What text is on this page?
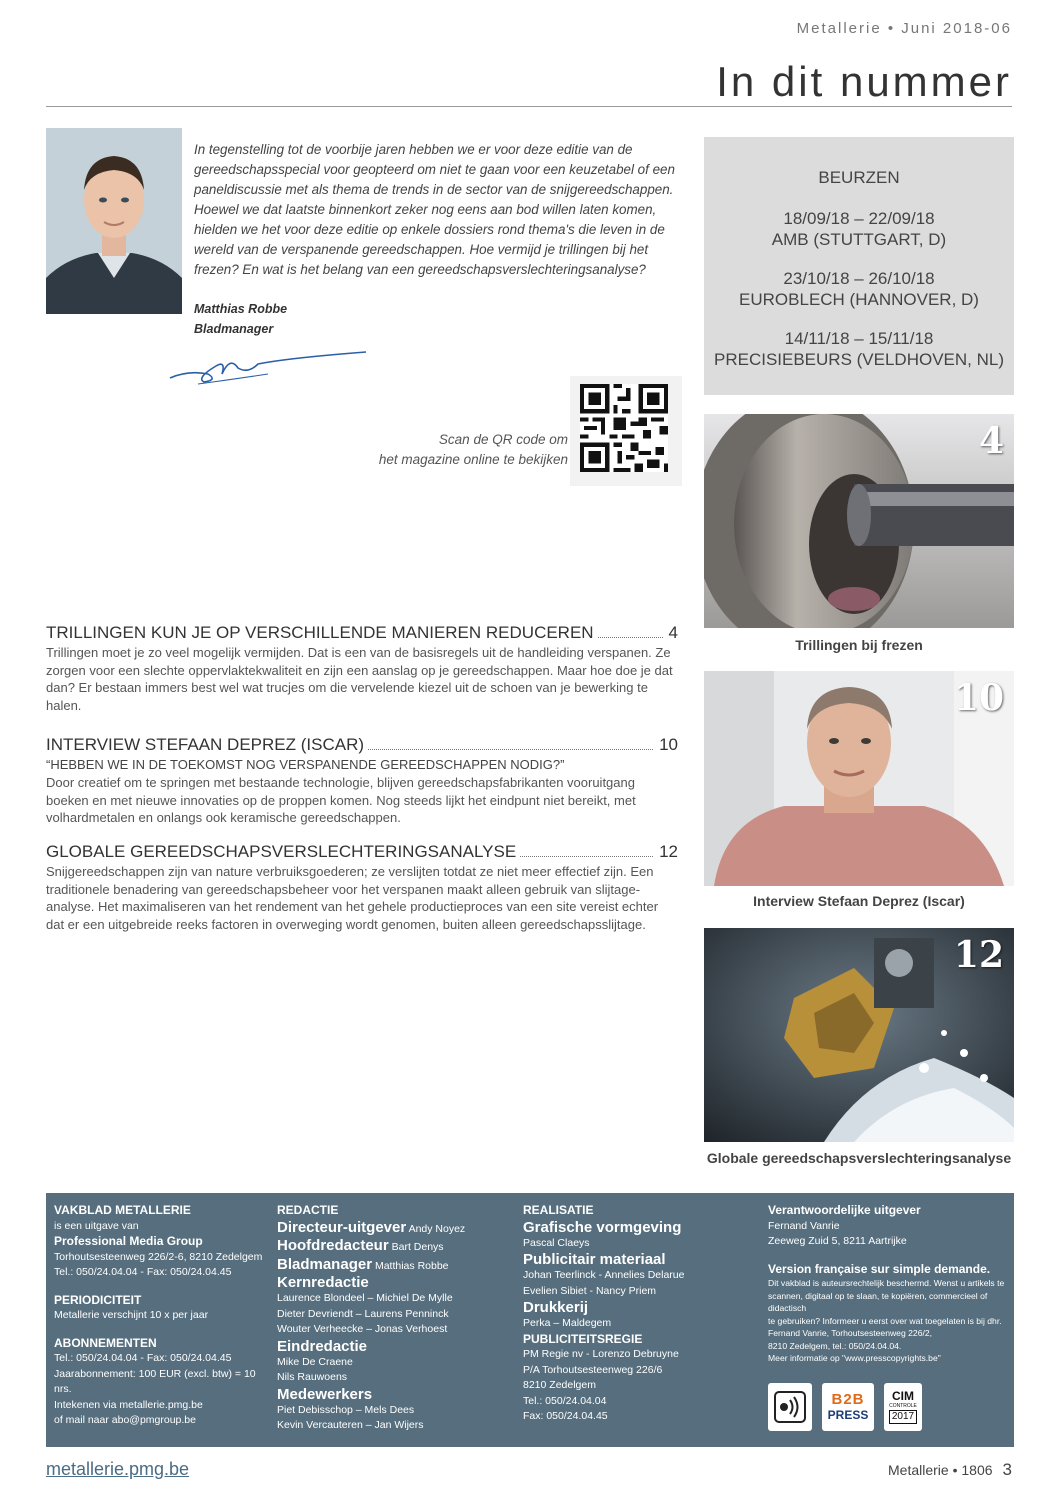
Metallerie • Juni 2018-06
In dit nummer

In tegenstelling tot de voorbije jaren hebben we er voor deze editie van de gereedschapsspecial voor geopteerd om niet te gaan voor een keuzetabel of een paneldiscussie met als thema de trends in de sector van de snijgereedschappen. Hoewel we dat laatste binnenkort zeker nog eens aan bod willen laten komen, hielden we het voor deze editie op enkele dossiers rond thema's die leven in de wereld van de verspanende gereedschappen. Hoe vermijd je trillingen bij het frezen? En wat is het belang van een gereedschapsverslechteringsanalyse?

Matthias Robbe
Bladmanager
Scan de QR code om
het magazine online te bekijken
BEURZEN
18/09/18 – 22/09/18
AMB (STUTTGART, D)
23/10/18 – 26/10/18
EUROBLECH (HANNOVER, D)
14/11/18 – 15/11/18
PRECISIEBEURS (VELDHOVEN, NL)
4
Trillingen bij frezen
10
Interview Stefaan Deprez (Iscar)
12
Globale gereedschapsverslechteringsanalyse
TRILLINGEN KUN JE OP VERSCHILLENDE MANIEREN REDUCEREN	4
Trillingen moet je zo veel mogelijk vermijden. Dat is een van de basisregels uit de handleiding verspanen. Ze zorgen voor een slechte oppervlaktekwaliteit en zijn een aanslag op je gereedschappen. Maar hoe doe je dat dan? Er bestaan immers best wel wat trucjes om die vervelende kiezel uit de schoen van je bewerking te halen.
INTERVIEW STEFAAN DEPREZ (ISCAR)	10
“HEBBEN WE IN DE TOEKOMST NOG VERSPANENDE GEREEDSCHAPPEN NODIG?”
Door creatief om te springen met bestaande technologie, blijven gereedschapsfabrikanten vooruitgang boeken en met nieuwe innovaties op de proppen komen. Nog steeds lijkt het eindpunt niet bereikt, met volhardmetalen en onlangs ook keramische gereedschappen.
GLOBALE GEREEDSCHAPSVERSLECHTERINGSANALYSE	12
Snijgereedschappen zijn van nature verbruiksgoederen; ze verslijten totdat ze niet meer effectief zijn. Een traditionele benadering van gereedschapsbeheer voor het verspanen maakt alleen gebruik van slijtage-analyse. Het maximaliseren van het rendement van het gehele productieproces van een site vereist echter dat er een uitgebreide reeks factoren in overweging wordt genomen, buiten alleen gereedschapsslijtage.
VAKBLAD METALLERIE
is een uitgave van
Professional Media Group
Torhoutsesteenweg 226/2-6, 8210 Zedelgem
Tel.: 050/24.04.04 - Fax: 050/24.04.45
PERIODICITEIT
Metallerie verschijnt 10 x per jaar
ABONNEMENTEN
Tel.: 050/24.04.04 - Fax: 050/24.04.45
Jaarabonnement: 100 EUR (excl. btw) = 10 nrs.
Intekenen via metallerie.pmg.be
of mail naar abo@pmgroup.be
REDACTIE
Directeur-uitgever Andy Noyez
Hoofdredacteur Bart Denys
Bladmanager Matthias Robbe
Kernredactie
Laurence Blondeel – Michiel De Mylle
Dieter Devriendt – Laurens Penninck
Wouter Verheecke – Jonas Verhoest
Eindredactie
Mike De Craene
Nils Rauwoens
Medewerkers
Piet Debisschop – Mels Dees
Kevin Vercauteren – Jan Wijers
REALISATIE
Grafische vormgeving
Pascal Claeys
Publicitair materiaal
Johan Teerlinck - Annelies Delarue
Evelien Sibiet - Nancy Priem
Drukkerij
Perka – Maldegem
PUBLICITEITSREGIE
PM Regie nv - Lorenzo Debruyne
P/A Torhoutsesteenweg 226/6
8210 Zedelgem
Tel.: 050/24.04.04
Fax: 050/24.04.45
Verantwoordelijke uitgever
Fernand Vanrie
Zeeweg Zuid 5, 8211 Aartrijke
Version française sur simple demande.
Dit vakblad is auteursrechtelijk beschermd. Wenst u artikels te
scannen, digitaal op te slaan, te kopiëren, commercieel of didactisch
te gebruiken? Informeer u eerst over wat toegelaten is bij dhr.
Fernand Vanrie, Torhoutsesteenweg 226/2,
8210 Zedelgem, tel.: 050/24.04.04.
Meer informatie op "www.presscopyrights.be"
B2B
PRESS
CIM
CONTROLE
2017
metallerie.pmg.be	Metallerie • 1806 3
